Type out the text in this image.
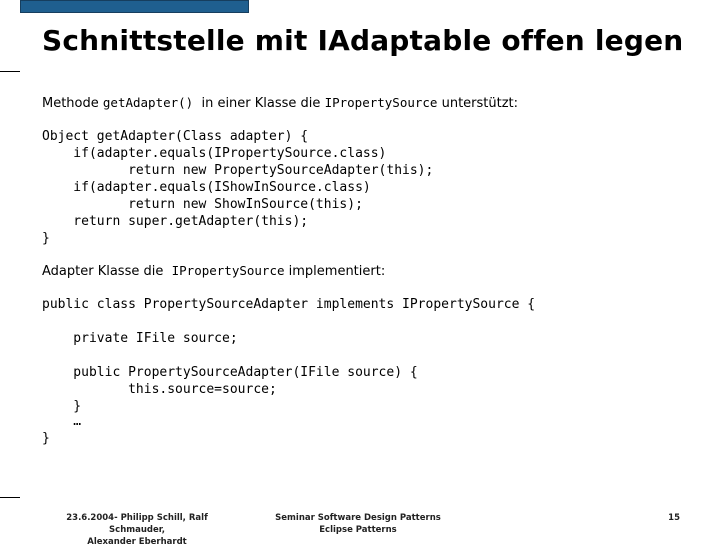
Schnittstelle mit IAdaptable offen legen
Methode getAdapter()  in einer Klasse die IPropertySource unterstützt:
Object getAdapter(Class adapter) {
if(adapter.equals(IPropertySource.class)
return new PropertySourceAdapter(this);
if(adapter.equals(IShowInSource.class)
return new ShowInSource(this);
return super.getAdapter(this);
}
Adapter Klasse die  IPropertySource implementiert:
public class PropertySourceAdapter implements IPropertySource {
private IFile source;
public PropertySourceAdapter(IFile source) {
this.source=source;
}
…
}
23.6.2004- Philipp Schill, Ralf Schmauder,
Alexander Eberhardt
Seminar Software Design Patterns
Eclipse Patterns
15
